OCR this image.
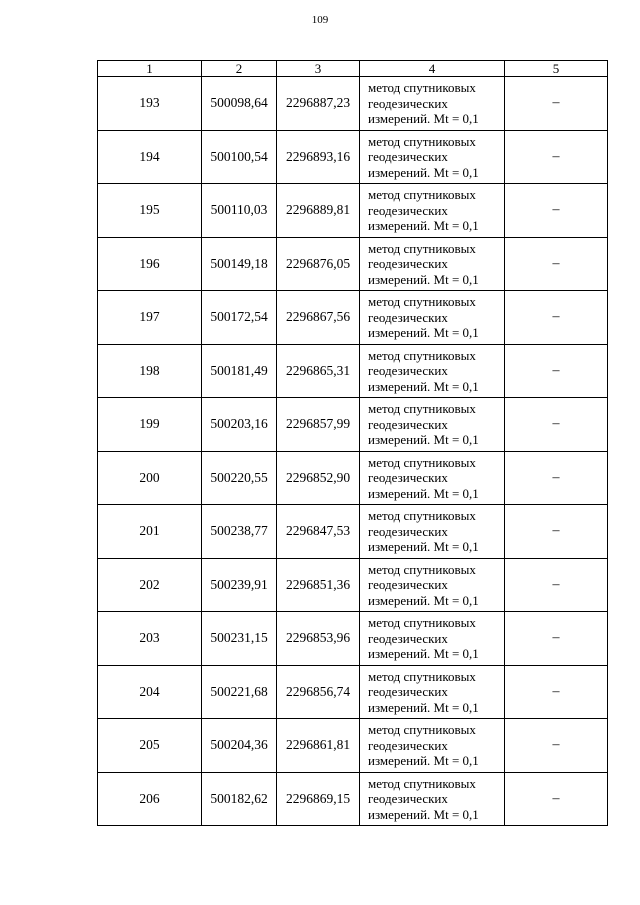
109
1	2	3	4	5
193	500098,64	2296887,23	метод спутниковых
геодезических
измерений. Mt = 0,1	–
194	500100,54	2296893,16	метод спутниковых
геодезических
измерений. Mt = 0,1	–
195	500110,03	2296889,81	метод спутниковых
геодезических
измерений. Mt = 0,1	–
196	500149,18	2296876,05	метод спутниковых
геодезических
измерений. Mt = 0,1	–
197	500172,54	2296867,56	метод спутниковых
геодезических
измерений. Mt = 0,1	–
198	500181,49	2296865,31	метод спутниковых
геодезических
измерений. Mt = 0,1	–
199	500203,16	2296857,99	метод спутниковых
геодезических
измерений. Mt = 0,1	–
200	500220,55	2296852,90	метод спутниковых
геодезических
измерений. Mt = 0,1	–
201	500238,77	2296847,53	метод спутниковых
геодезических
измерений. Mt = 0,1	–
202	500239,91	2296851,36	метод спутниковых
геодезических
измерений. Mt = 0,1	–
203	500231,15	2296853,96	метод спутниковых
геодезических
измерений. Mt = 0,1	–
204	500221,68	2296856,74	метод спутниковых
геодезических
измерений. Mt = 0,1	–
205	500204,36	2296861,81	метод спутниковых
геодезических
измерений. Mt = 0,1	–
206	500182,62	2296869,15	метод спутниковых
геодезических
измерений. Mt = 0,1	–
